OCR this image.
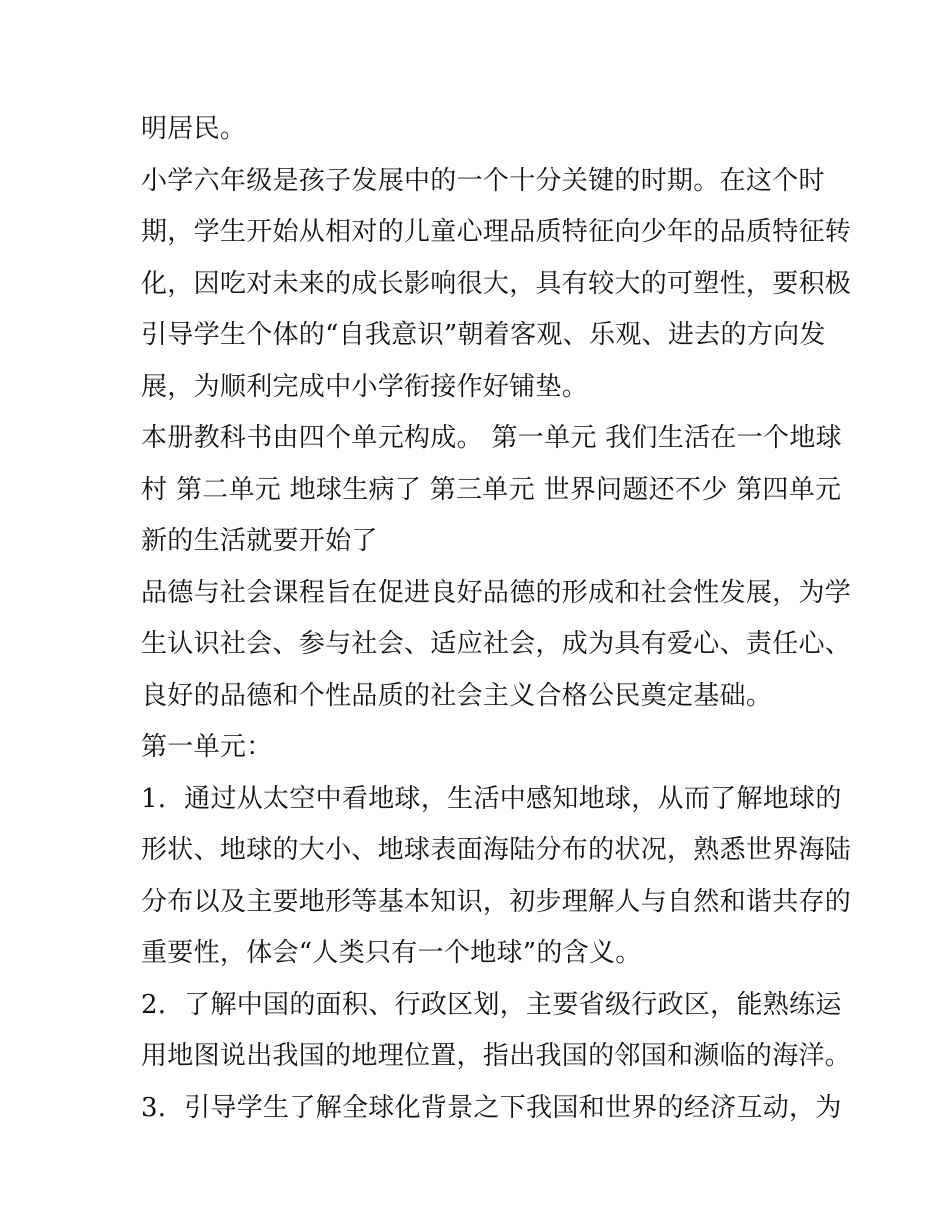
明居民。
小学六年级是孩子发展中的一个十分关键的时期。在这个时
期，学生开始从相对的儿童心理品质特征向少年的品质特征转
化，因吃对未来的成长影响很大，具有较大的可塑性，要积极
引导学生个体的“自我意识”朝着客观、乐观、进去的方向发
展，为顺利完成中小学衔接作好铺垫。
本册教科书由四个单元构成。 第一单元 我们生活在一个地球
村 第二单元 地球生病了 第三单元 世界问题还不少 第四单元
新的生活就要开始了
品德与社会课程旨在促进良好品德的形成和社会性发展，为学
生认识社会、参与社会、适应社会，成为具有爱心、责任心、
良好的品德和个性品质的社会主义合格公民奠定基础。
第一单元：
1．通过从太空中看地球，生活中感知地球，从而了解地球的
形状、地球的大小、地球表面海陆分布的状况，熟悉世界海陆
分布以及主要地形等基本知识，初步理解人与自然和谐共存的
重要性，体会“人类只有一个地球”的含义。
2．了解中国的面积、行政区划，主要省级行政区，能熟练运
用地图说出我国的地理位置，指出我国的邻国和濒临的海洋。
3．引导学生了解全球化背景之下我国和世界的经济互动，为
